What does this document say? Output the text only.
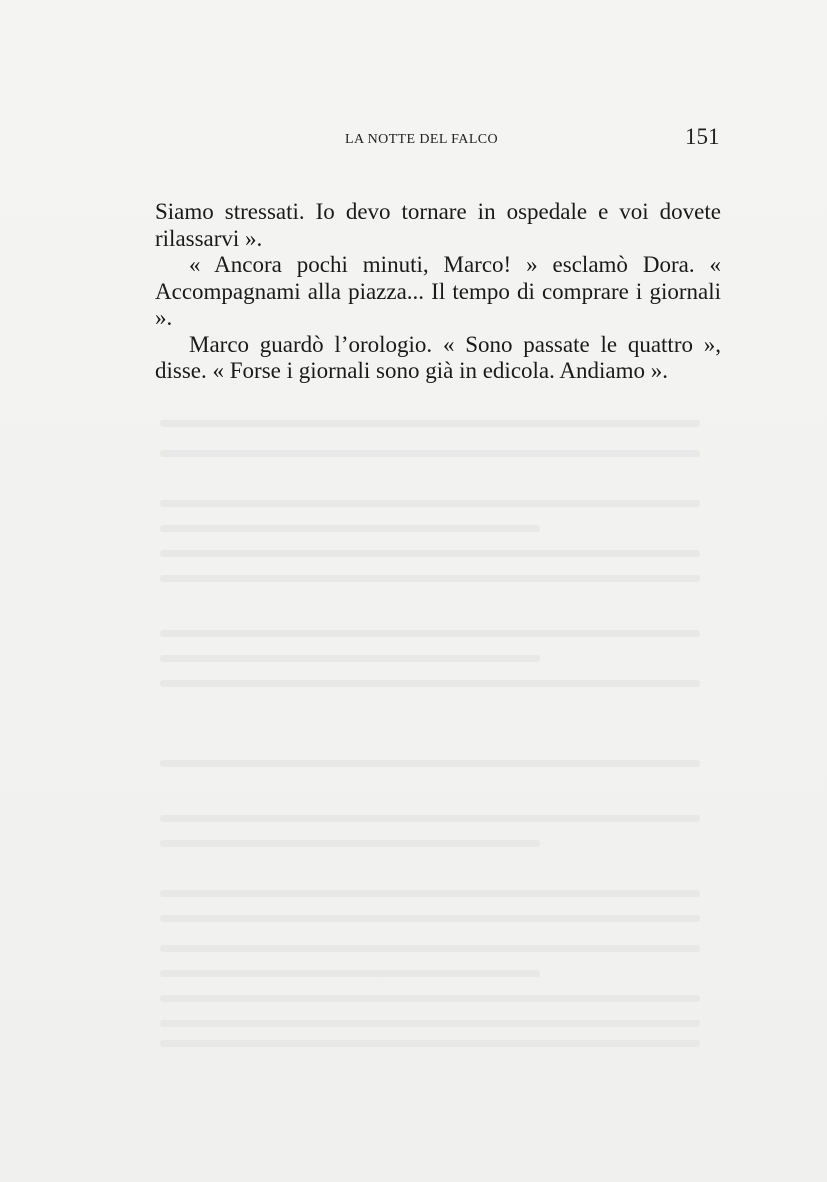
LA NOTTE DEL FALCO	151

Siamo stressati. Io devo tornare in ospedale e voi dovete rilassarvi ».

« Ancora pochi minuti, Marco! » esclamò Dora. « Accompagnami alla piazza... Il tempo di comprare i giornali ».

Marco guardò l’orologio. « Sono passate le quattro », disse. « Forse i giornali sono già in edicola. Andiamo ».
